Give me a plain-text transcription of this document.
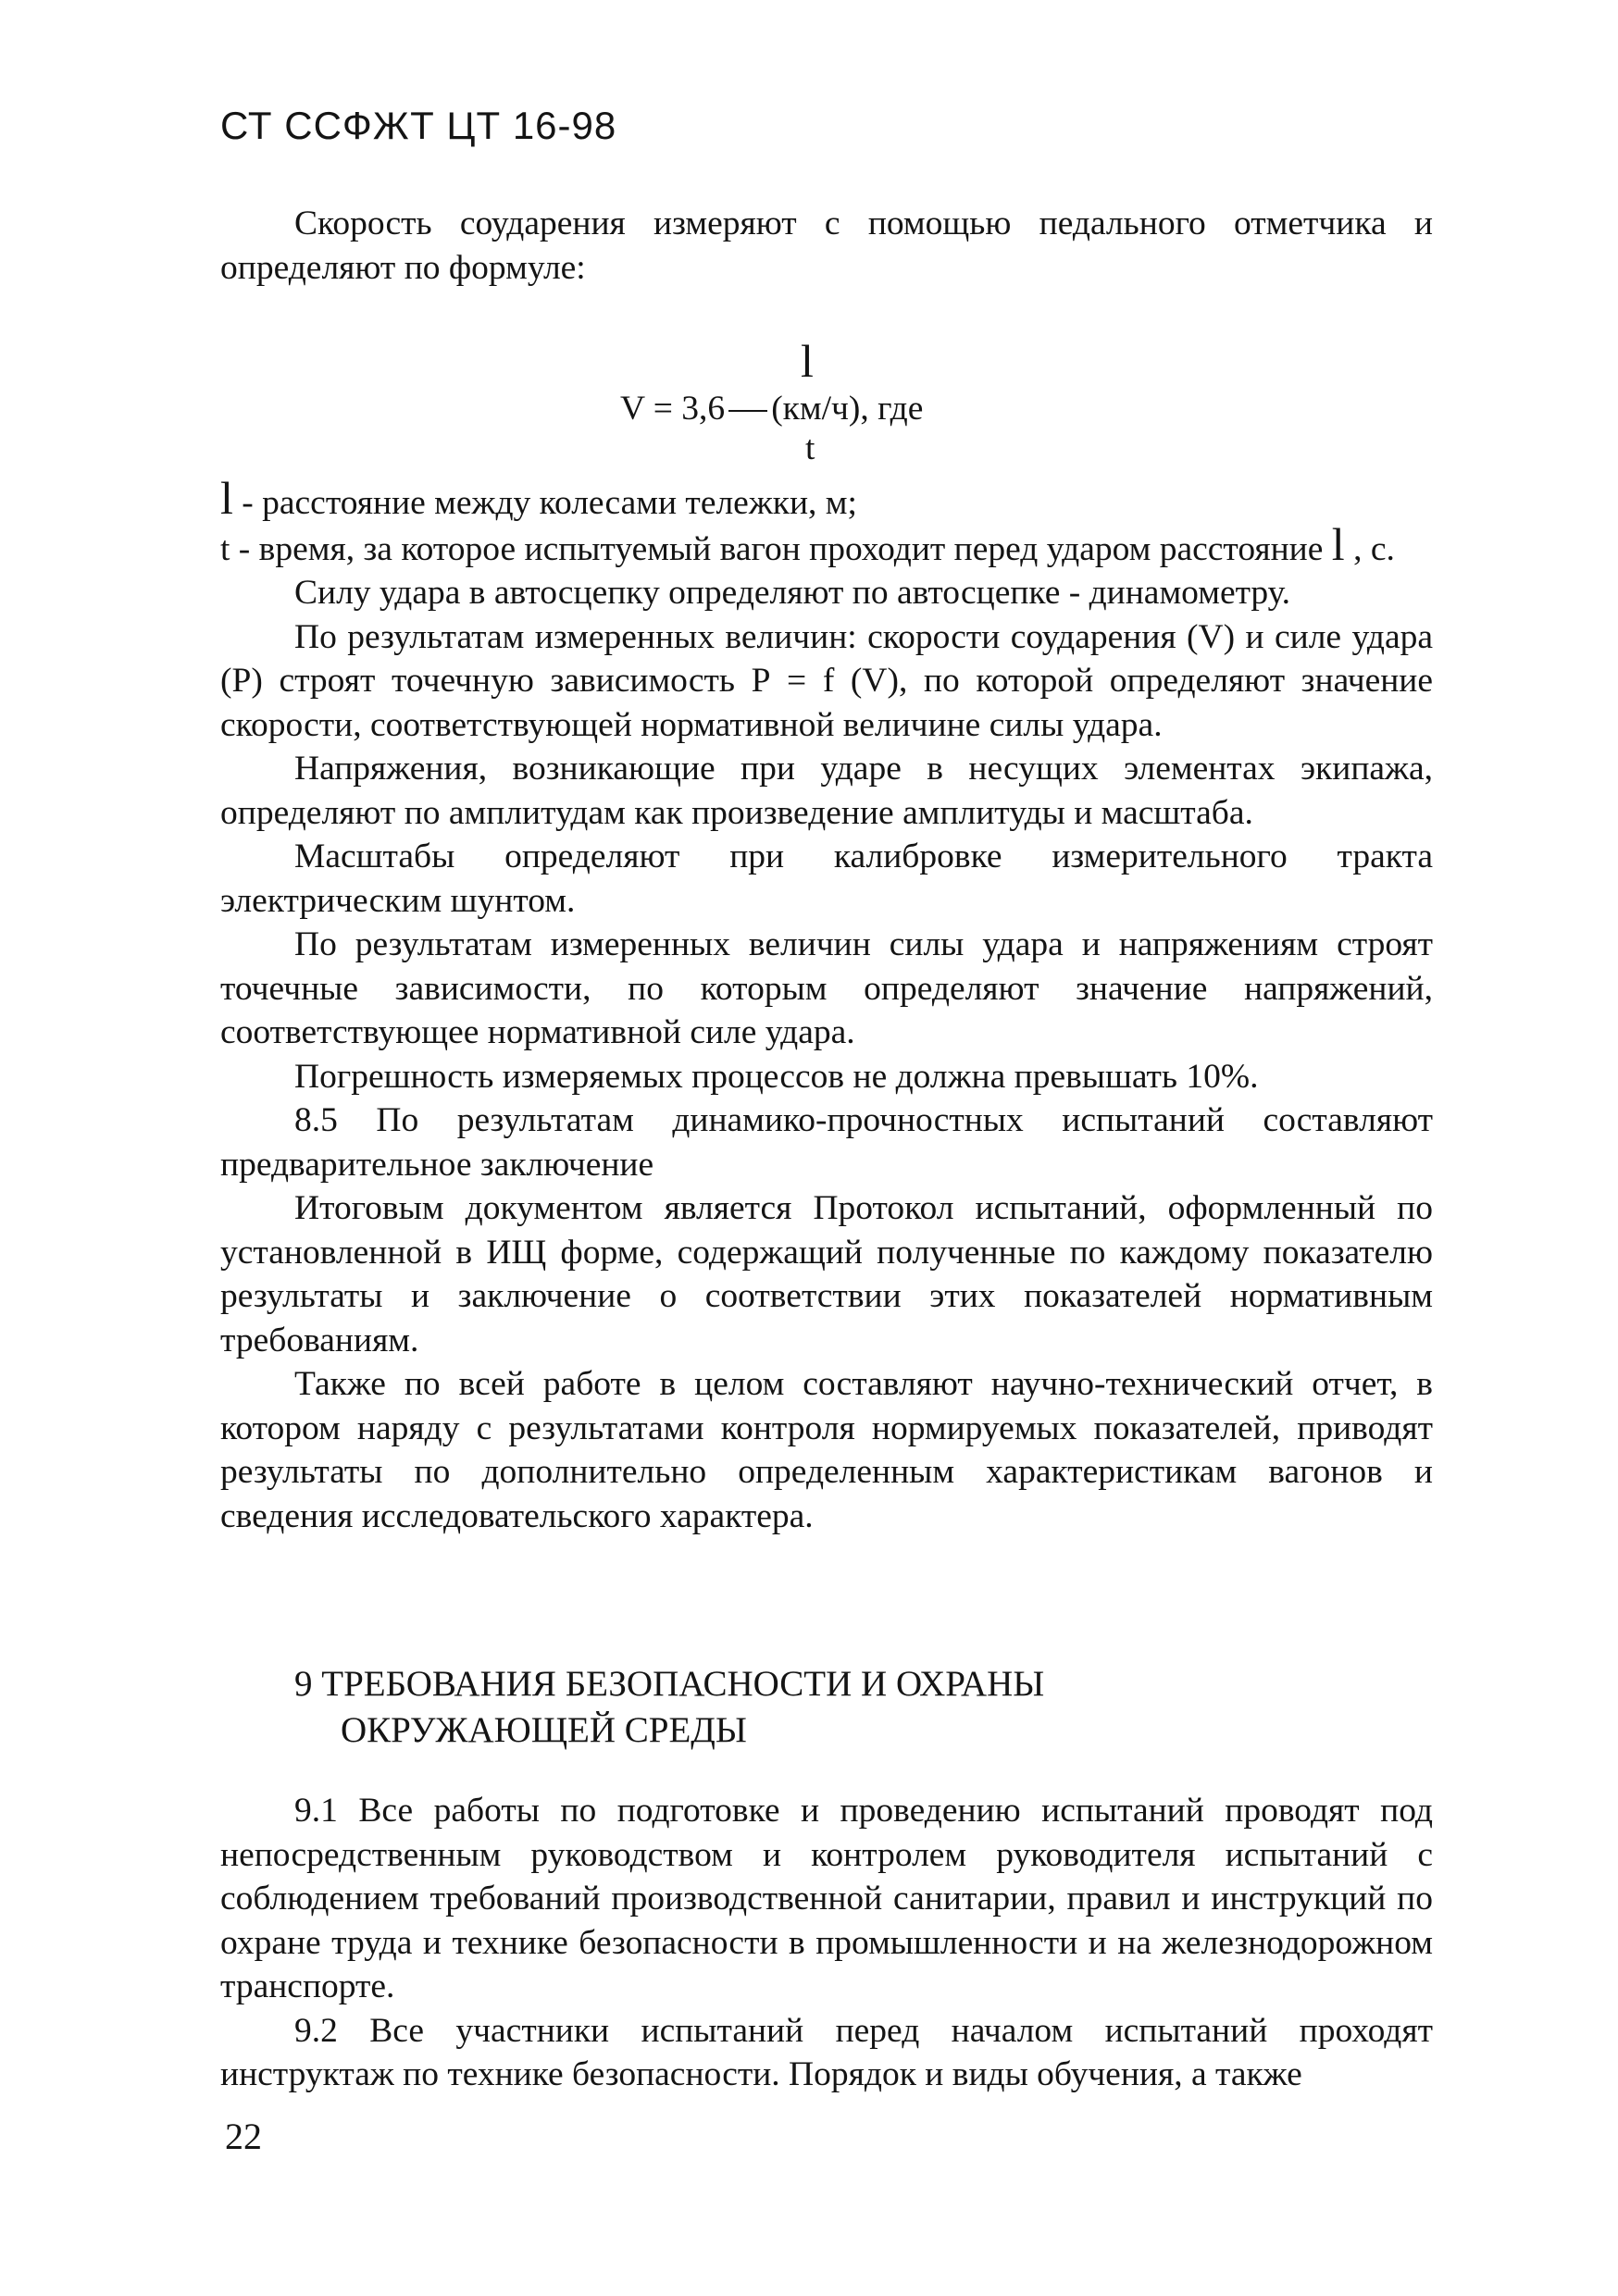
СТ ССФЖТ ЦТ 16-98

Скорость соударения измеряют с помощью педального отметчика и определяют по формуле:

l
V = 3,6 (км/ч), где
t

l - расстояние между колесами тележки, м;

t - время, за которое испытуемый вагон проходит перед ударом расстояние l , с.

Силу удара в автосцепку определяют по автосцепке - динамометру.

По результатам измеренных величин: скорости соударения (V) и силе удара (Р) строят точечную зависимость Р = f (V), по которой определяют значение скорости, соответствующей нормативной величине силы удара.

Напряжения, возникающие при ударе в несущих элементах экипажа, определяют по амплитудам как произведение амплитуды и масштаба.

Масштабы определяют при калибровке измерительного тракта электрическим шунтом.

По результатам измеренных величин силы удара и напряжениям строят точечные зависимости, по которым определяют значение напряжений, соответствующее нормативной силе удара.

Погрешность измеряемых процессов не должна превышать 10%.

8.5 По результатам динамико-прочностных испытаний составляют предварительное заключение

Итоговым документом является Протокол испытаний, оформленный по установленной в ИЩ форме, содержащий полученные по каждому показателю результаты и заключение о соответствии этих показателей нормативным требованиям.

Также по всей работе в целом составляют научно-технический отчет, в котором наряду с результатами контроля нормируемых показателей, приводят результаты по дополнительно определенным характеристикам вагонов и сведения исследовательского характера.

9 ТРЕБОВАНИЯ БЕЗОПАСНОСТИ И ОХРАНЫ
ОКРУЖАЮЩЕЙ СРЕДЫ

9.1 Все работы по подготовке и проведению испытаний проводят под непосредственным руководством и контролем руководителя испытаний с соблюдением требований производственной санитарии, правил и инструкций по охране труда и технике безопасности в промышленности и на железнодорожном транспорте.

9.2 Все участники испытаний перед началом испытаний проходят инструктаж по технике безопасности. Порядок и виды обучения, а также

22
